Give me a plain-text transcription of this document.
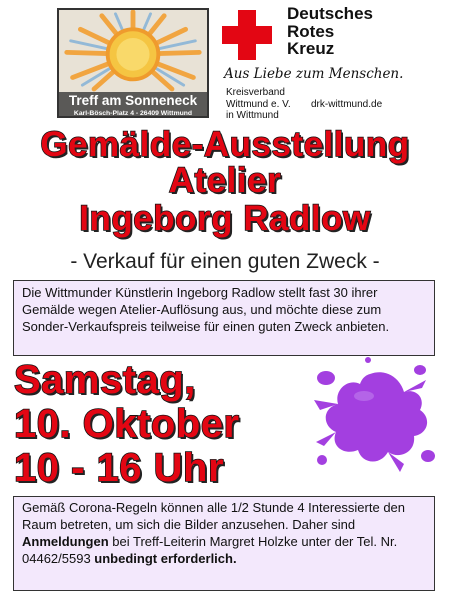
Treff am Sonneneck
Karl-Bösch-Platz 4 - 26409 Wittmund
Deutsches
Rotes
Kreuz
Aus Liebe zum Menschen.
Kreisverband
Wittmund e. V.
in Wittmund
drk-wittmund.de
Gemälde-Ausstellung
Atelier
Ingeborg Radlow
- Verkauf für einen guten Zweck -
Die Wittmunder Künstlerin Ingeborg Radlow stellt fast 30 ihrer Gemälde wegen Atelier-Auflösung aus, und möchte diese zum Sonder-Verkaufspreis teilweise für einen guten Zweck anbieten.
Samstag,
10. Oktober
10 - 16 Uhr

Gemäß Corona-Regeln können alle 1/2 Stunde 4 Interessierte den Raum betreten, um sich die Bilder anzusehen. Daher sind Anmeldungen bei Treff-Leiterin Margret Holzke unter der Tel. Nr. 04462/5593 unbedingt erforderlich.
